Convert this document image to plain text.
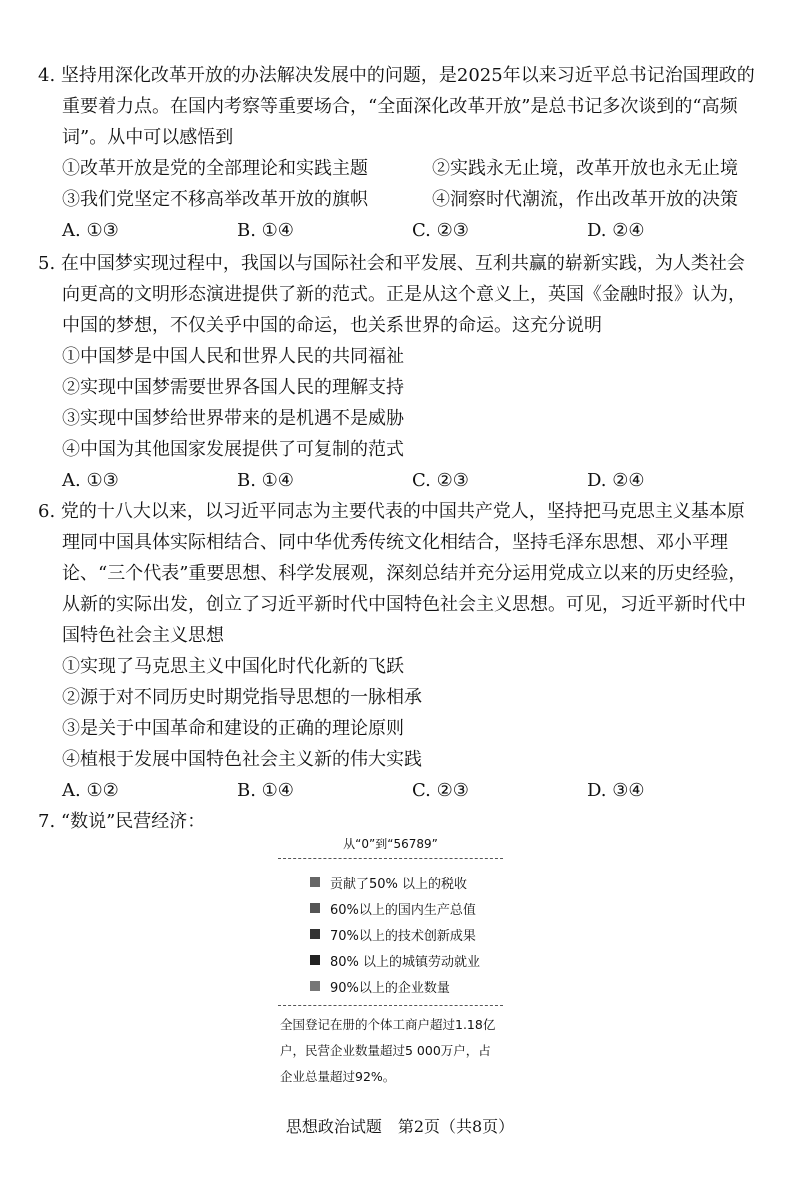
4. 坚持用深化改革开放的办法解决发展中的问题，是2025年以来习近平总书记治国理政的重要着力点。在国内考察等重要场合，“全面深化改革开放”是总书记多次谈到的“高频词”。从中可以感悟到
①改革开放是党的全部理论和实践主题	②实践永无止境，改革开放也永无止境
③我们党坚定不移高举改革开放的旗帜	④洞察时代潮流，作出改革开放的决策
A. ①③	B. ①④	C. ②③	D. ②④
5. 在中国梦实现过程中，我国以与国际社会和平发展、互利共赢的崭新实践，为人类社会向更高的文明形态演进提供了新的范式。正是从这个意义上，英国《金融时报》认为，中国的梦想，不仅关乎中国的命运，也关系世界的命运。这充分说明
①中国梦是中国人民和世界人民的共同福祉
②实现中国梦需要世界各国人民的理解支持
③实现中国梦给世界带来的是机遇不是威胁
④中国为其他国家发展提供了可复制的范式
A. ①③	B. ①④	C. ②③	D. ②④
6. 党的十八大以来，以习近平同志为主要代表的中国共产党人，坚持把马克思主义基本原理同中国具体实际相结合、同中华优秀传统文化相结合，坚持毛泽东思想、邓小平理论、“三个代表”重要思想、科学发展观，深刻总结并充分运用党成立以来的历史经验，从新的实际出发，创立了习近平新时代中国特色社会主义思想。可见，习近平新时代中国特色社会主义思想
①实现了马克思主义中国化时代化新的飞跃
②源于对不同历史时期党指导思想的一脉相承
③是关于中国革命和建设的正确的理论原则
④植根于发展中国特色社会主义新的伟大实践
A. ①②	B. ①④	C. ②③	D. ③④
7. “数说”民营经济：
从“0”到“56789”
贡献了50% 以上的税收
60%以上的国内生产总值
70%以上的技术创新成果
80% 以上的城镇劳动就业
90%以上的企业数量
全国登记在册的个体工商户超过1.18亿
户，民营企业数量超过5 000万户，占
企业总量超过92%。
思想政治试题　第2页（共8页）
